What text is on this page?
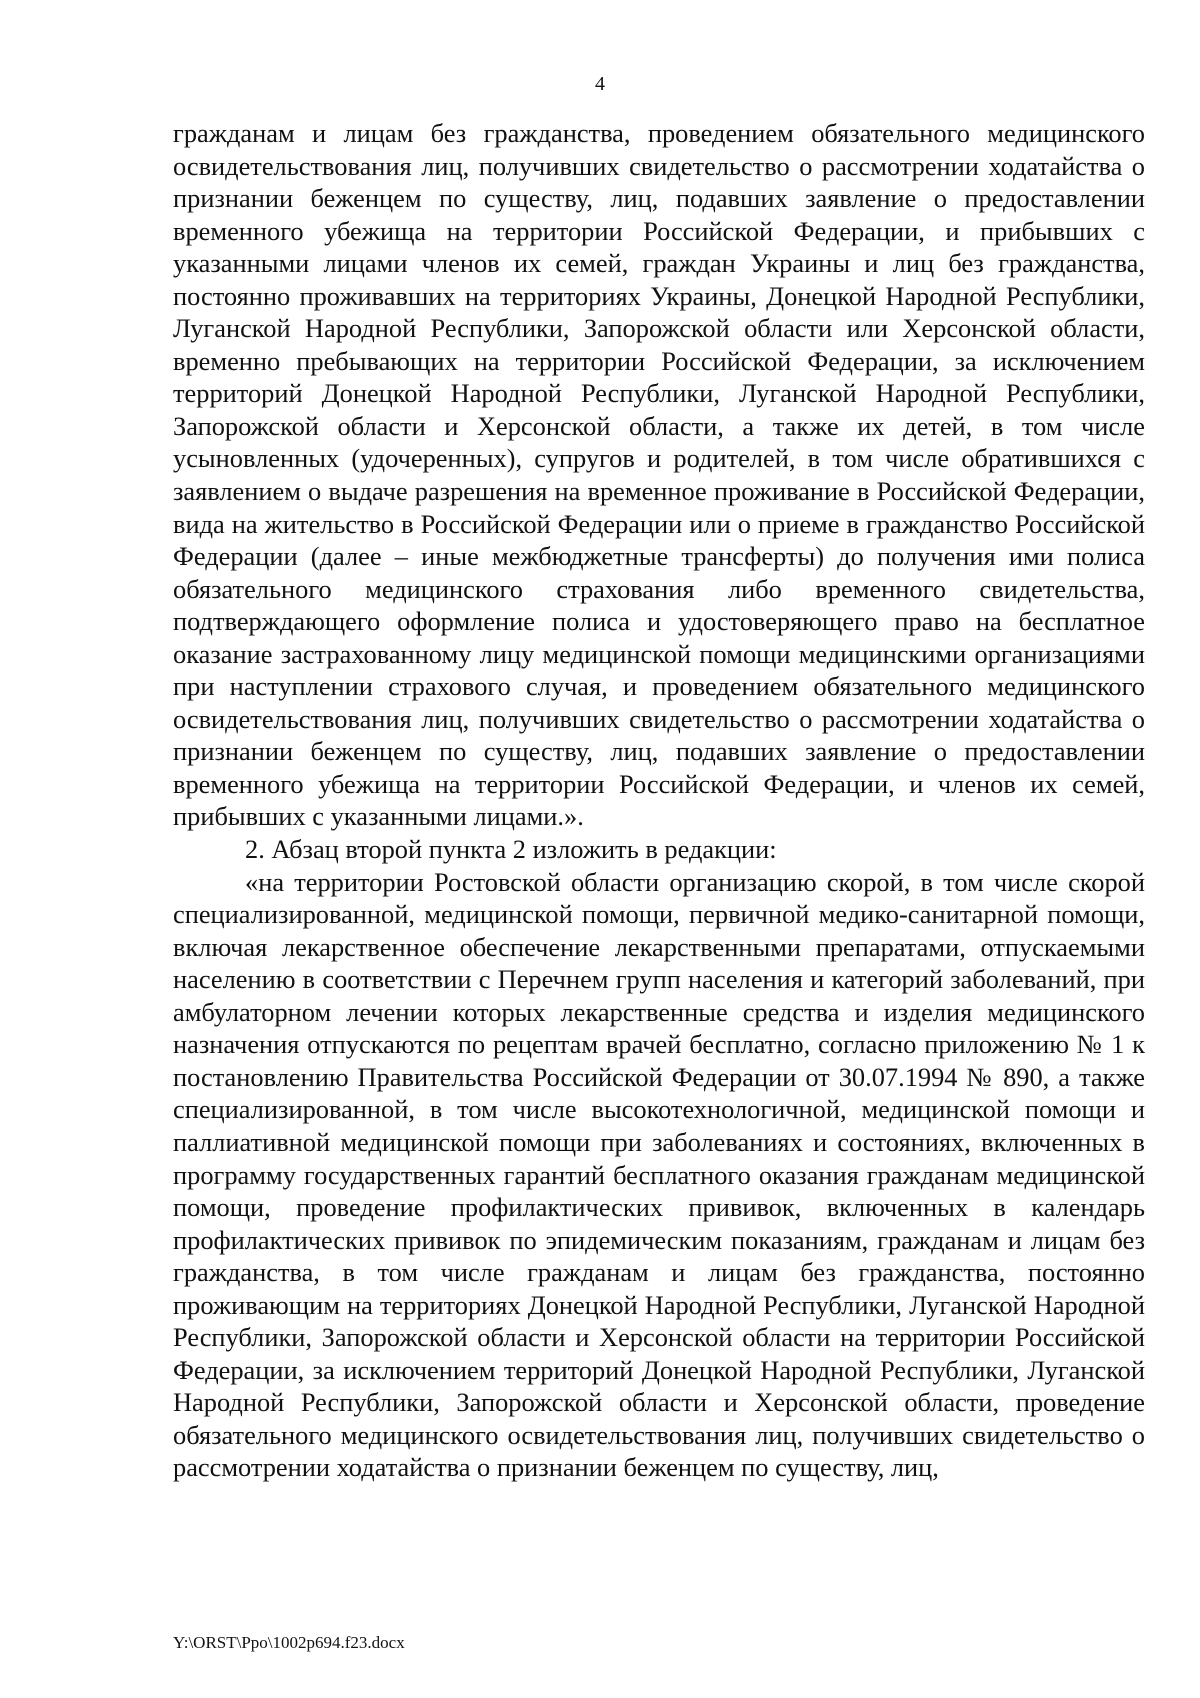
4

гражданам и лицам без гражданства, проведением обязательного медицинского освидетельствования лиц, получивших свидетельство о рассмотрении ходатайства о признании беженцем по существу, лиц, подавших заявление о предоставлении временного убежища на территории Российской Федерации, и прибывших с указанными лицами членов их семей, граждан Украины и лиц без гражданства, постоянно проживавших на территориях Украины, Донецкой Народной Республики, Луганской Народной Республики, Запорожской области или Херсонской области, временно пребывающих на территории Российской Федерации, за исключением территорий Донецкой Народной Республики, Луганской Народной Республики, Запорожской области и Херсонской области, а также их детей, в том числе усыновленных (удочеренных), супругов и родителей, в том числе обратившихся с заявлением о выдаче разрешения на временное проживание в Российской Федерации, вида на жительство в Российской Федерации или о приеме в гражданство Российской Федерации (далее – иные межбюджетные трансферты) до получения ими полиса обязательного медицинского страхования либо временного свидетельства, подтверждающего оформление полиса и удостоверяющего право на бесплатное оказание застрахованному лицу медицинской помощи медицинскими организациями при наступлении страхового случая, и проведением обязательного медицинского освидетельствования лиц, получивших свидетельство о рассмотрении ходатайства о признании беженцем по существу, лиц, подавших заявление о предоставлении временного убежища на территории Российской Федерации, и членов их семей, прибывших с указанными лицами.».

2. Абзац второй пункта 2 изложить в редакции:

«на территории Ростовской области организацию скорой, в том числе скорой специализированной, медицинской помощи, первичной медико-санитарной помощи, включая лекарственное обеспечение лекарственными препаратами, отпускаемыми населению в соответствии с Перечнем групп населения и категорий заболеваний, при амбулаторном лечении которых лекарственные средства и изделия медицинского назначения отпускаются по рецептам врачей бесплатно, согласно приложению № 1 к постановлению Правительства Российской Федерации от 30.07.1994 № 890, а также специализированной, в том числе высокотехнологичной, медицинской помощи и паллиативной медицинской помощи при заболеваниях и состояниях, включенных в программу государственных гарантий бесплатного оказания гражданам медицинской помощи, проведение профилактических прививок, включенных в календарь профилактических прививок по эпидемическим показаниям, гражданам и лицам без гражданства, в том числе гражданам и лицам без гражданства, постоянно проживающим на территориях Донецкой Народной Республики, Луганской Народной Республики, Запорожской области и Херсонской области на территории Российской Федерации, за исключением территорий Донецкой Народной Республики, Луганской Народной Республики, Запорожской области и Херсонской области, проведение обязательного медицинского освидетельствования лиц, получивших свидетельство о рассмотрении ходатайства о признании беженцем по существу, лиц,

Y:\ORST\Ppo\1002p694.f23.docx
